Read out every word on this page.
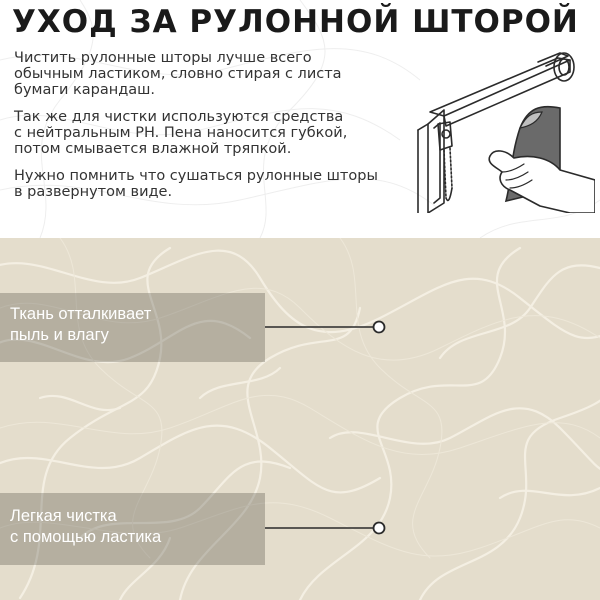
УХОД ЗА РУЛОННОЙ ШТОРОЙ

Чистить рулонные шторы лучше всего
обычным ластиком, словно стирая с листа
бумаги карандаш.

Так же для чистки используются средства
с нейтральным PH. Пена наносится губкой,
потом смывается влажной тряпкой.

Нужно помнить что сушаться рулонные шторы
в развернутом виде.

Ткань отталкивает
пыль и влагу

Легкая чистка
с помощью ластика
